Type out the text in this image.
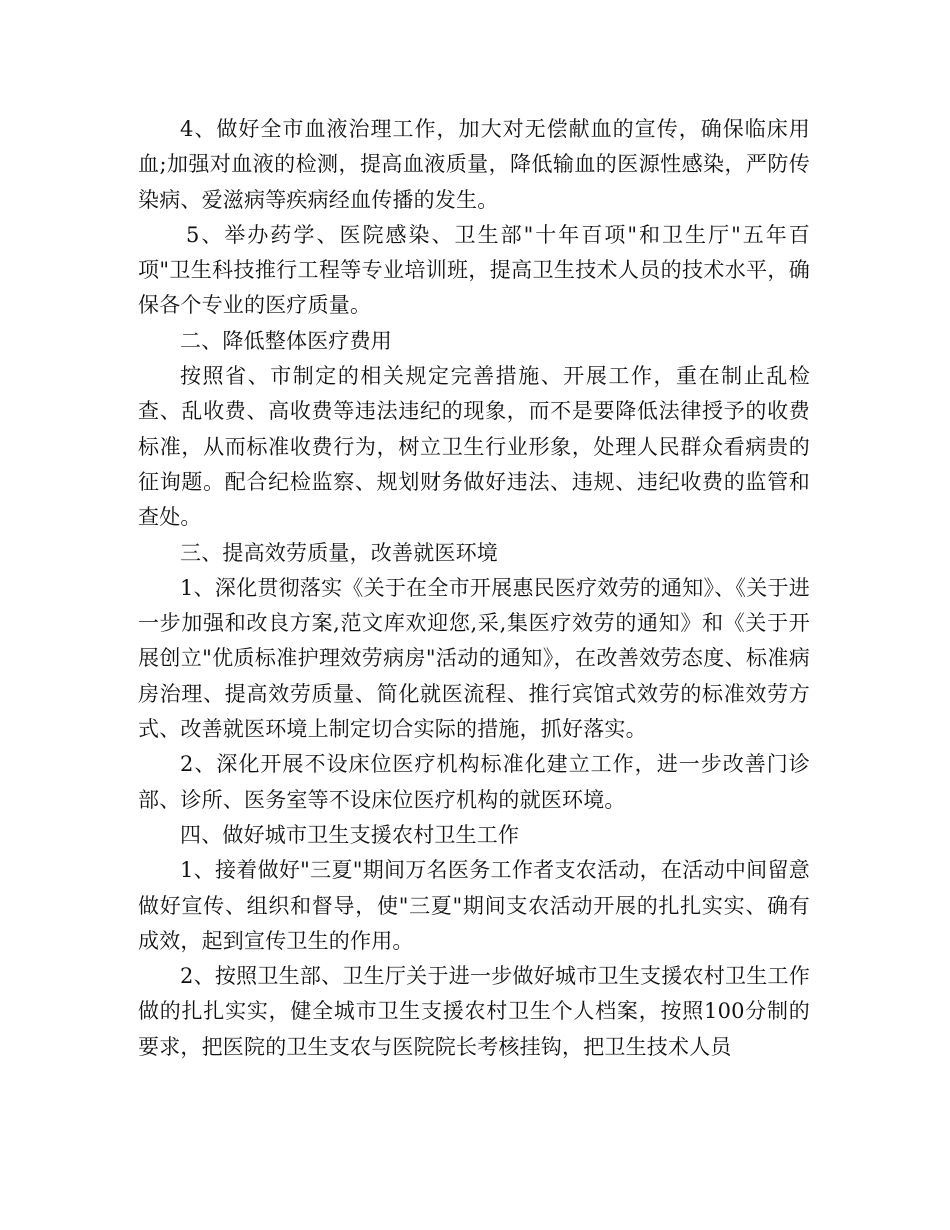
4、做好全市血液治理工作，加大对无偿献血的宣传，确保临床用血;加强对血液的检测，提高血液质量，降低输血的医源性感染，严防传染病、爱滋病等疾病经血传播的发生。

5、举办药学、医院感染、卫生部"十年百项"和卫生厅"五年百项"卫生科技推行工程等专业培训班，提高卫生技术人员的技术水平，确保各个专业的医疗质量。

二、降低整体医疗费用

按照省、市制定的相关规定完善措施、开展工作，重在制止乱检查、乱收费、高收费等违法违纪的现象，而不是要降低法律授予的收费标准，从而标准收费行为，树立卫生行业形象，处理人民群众看病贵的征询题。配合纪检监察、规划财务做好违法、违规、违纪收费的监管和查处。

三、提高效劳质量，改善就医环境

1、深化贯彻落实《关于在全市开展惠民医疗效劳的通知》、《关于进一步加强和改良方案,范文库欢迎您,采,集医疗效劳的通知》和《关于开展创立"优质标准护理效劳病房"活动的通知》，在改善效劳态度、标准病房治理、提高效劳质量、简化就医流程、推行宾馆式效劳的标准效劳方式、改善就医环境上制定切合实际的措施，抓好落实。

2、深化开展不设床位医疗机构标准化建立工作，进一步改善门诊部、诊所、医务室等不设床位医疗机构的就医环境。

四、做好城市卫生支援农村卫生工作

1、接着做好"三夏"期间万名医务工作者支农活动，在活动中间留意做好宣传、组织和督导，使"三夏"期间支农活动开展的扎扎实实、确有成效，起到宣传卫生的作用。

2、按照卫生部、卫生厅关于进一步做好城市卫生支援农村卫生工作做的扎扎实实，健全城市卫生支援农村卫生个人档案，按照100分制的要求，把医院的卫生支农与医院院长考核挂钩，把卫生技术人员
